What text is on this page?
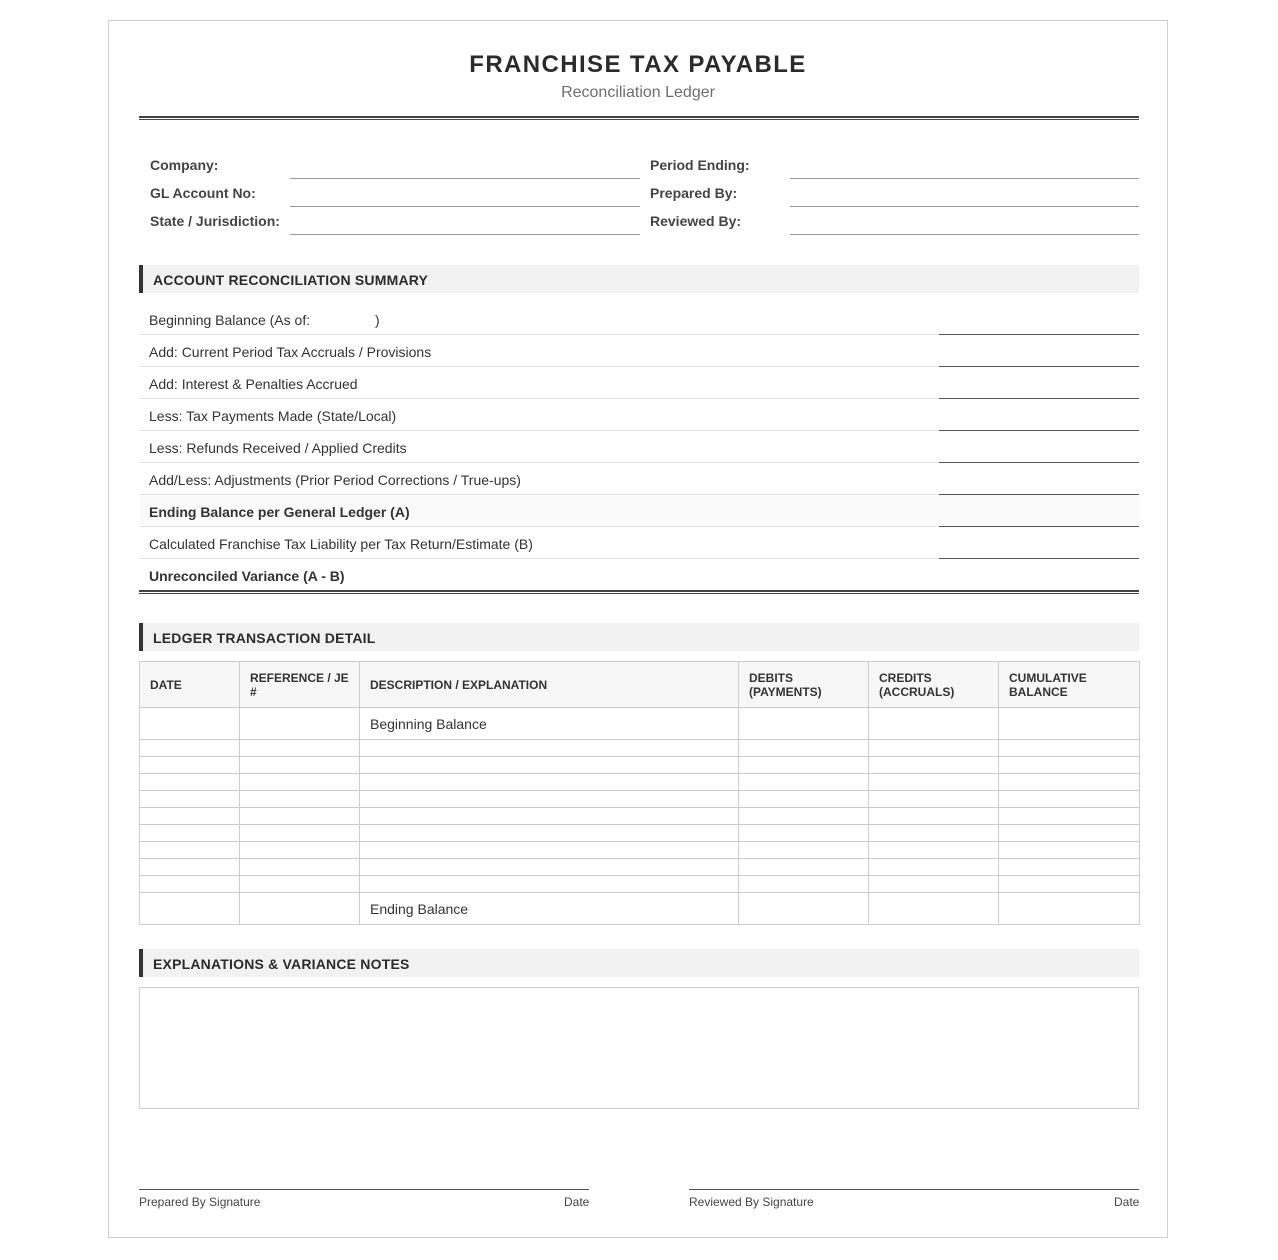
FRANCHISE TAX PAYABLE
Reconciliation Ledger
Company:
GL Account No:
State / Jurisdiction:
Period Ending:
Prepared By:
Reviewed By:
ACCOUNT RECONCILIATION SUMMARY
Beginning Balance (As of:	)
Add: Current Period Tax Accruals / Provisions
Add: Interest & Penalties Accrued
Less: Tax Payments Made (State/Local)
Less: Refunds Received / Applied Credits
Add/Less: Adjustments (Prior Period Corrections / True-ups)
Ending Balance per General Ledger (A)
Calculated Franchise Tax Liability per Tax Return/Estimate (B)
Unreconciled Variance (A - B)
LEDGER TRANSACTION DETAIL
DATE	REFERENCE / JE #	DESCRIPTION / EXPLANATION	DEBITS (PAYMENTS)	CREDITS (ACCRUALS)	CUMULATIVE BALANCE
		Beginning Balance			

		Ending Balance			
EXPLANATIONS & VARIANCE NOTES
Prepared By Signature	Date	Reviewed By Signature	Date
